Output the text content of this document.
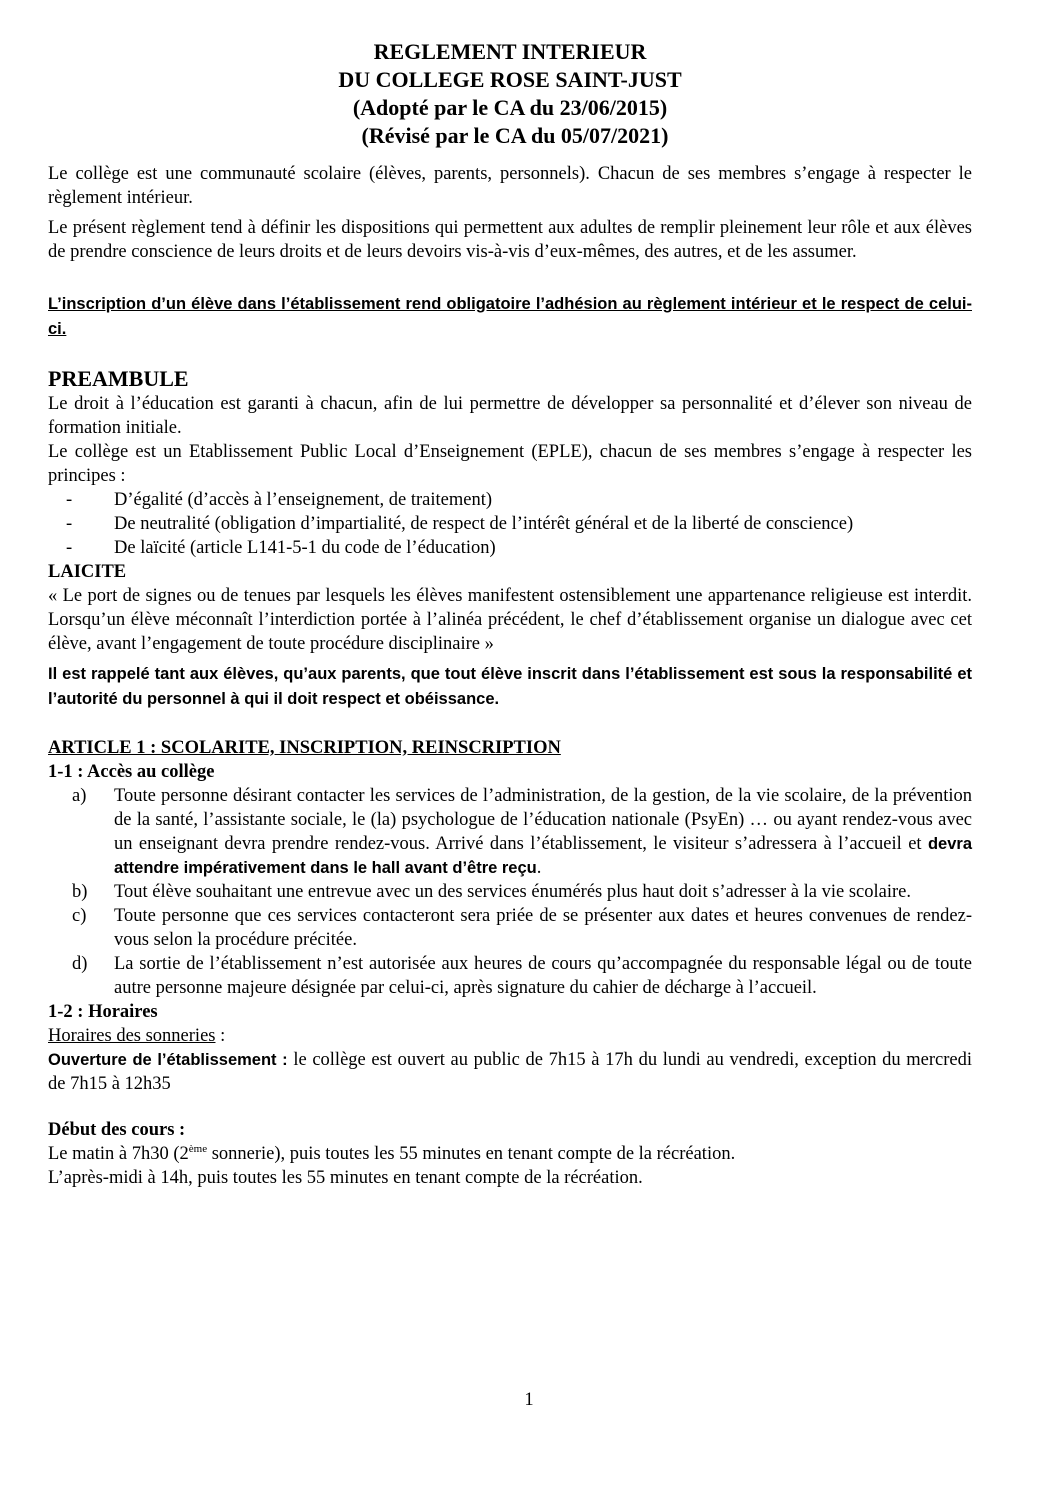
REGLEMENT INTERIEUR
DU COLLEGE ROSE SAINT-JUST
(Adopté par le CA du 23/06/2015)
(Révisé par le CA du 05/07/2021)

Le collège est une communauté scolaire (élèves, parents, personnels). Chacun de ses membres s’engage à respecter le règlement intérieur.

Le présent règlement tend à définir les dispositions qui permettent aux adultes de remplir pleinement leur rôle et aux élèves de prendre conscience de leurs droits et de leurs devoirs vis-à-vis d’eux-mêmes, des autres, et de les assumer.

L’inscription d’un élève dans l’établissement rend obligatoire l’adhésion au règlement intérieur et le respect de celui-ci.

PREAMBULE

Le droit à l’éducation est garanti à chacun, afin de lui permettre de développer sa personnalité et d’élever son niveau de formation initiale.

Le collège est un Etablissement Public Local d’Enseignement (EPLE), chacun de ses membres s’engage à respecter les principes :

- D’égalité (d’accès à l’enseignement, de traitement)
- De neutralité (obligation d’impartialité, de respect de l’intérêt général et de la liberté de conscience)
- De laïcité (article L141-5-1 du code de l’éducation)
LAICITE

« Le port de signes ou de tenues par lesquels les élèves manifestent ostensiblement une appartenance religieuse est interdit. Lorsqu’un élève méconnaît l’interdiction portée à l’alinéa précédent, le chef d’établissement organise un dialogue avec cet élève, avant l’engagement de toute procédure disciplinaire »

Il est rappelé tant aux élèves, qu’aux parents, que tout élève inscrit dans l’établissement est sous la responsabilité et l’autorité du personnel à qui il doit respect et obéissance.

ARTICLE 1 : SCOLARITE, INSCRIPTION, REINSCRIPTION
1-1 : Accès au collège
a) Toute personne désirant contacter les services de l’administration, de la gestion, de la vie scolaire, de la prévention de la santé, l’assistante sociale, le (la) psychologue de l’éducation nationale (PsyEn) … ou ayant rendez-vous avec un enseignant devra prendre rendez-vous. Arrivé dans l’établissement, le visiteur s’adressera à l’accueil et devra attendre impérativement dans le hall avant d’être reçu.
b) Tout élève souhaitant une entrevue avec un des services énumérés plus haut doit s’adresser à la vie scolaire.
c) Toute personne que ces services contacteront sera priée de se présenter aux dates et heures convenues de rendez-vous selon la procédure précitée.
d) La sortie de l’établissement n’est autorisée aux heures de cours qu’accompagnée du responsable légal ou de toute autre personne majeure désignée par celui-ci, après signature du cahier de décharge à l’accueil.
1-2 : Horaires

Horaires des sonneries :

Ouverture de l’établissement : le collège est ouvert au public de 7h15 à 17h du lundi au vendredi, exception du mercredi de 7h15 à 12h35

Début des cours :

Le matin à 7h30 (2ème sonnerie), puis toutes les 55 minutes en tenant compte de la récréation.

L’après-midi à 14h, puis toutes les 55 minutes en tenant compte de la récréation.

1
